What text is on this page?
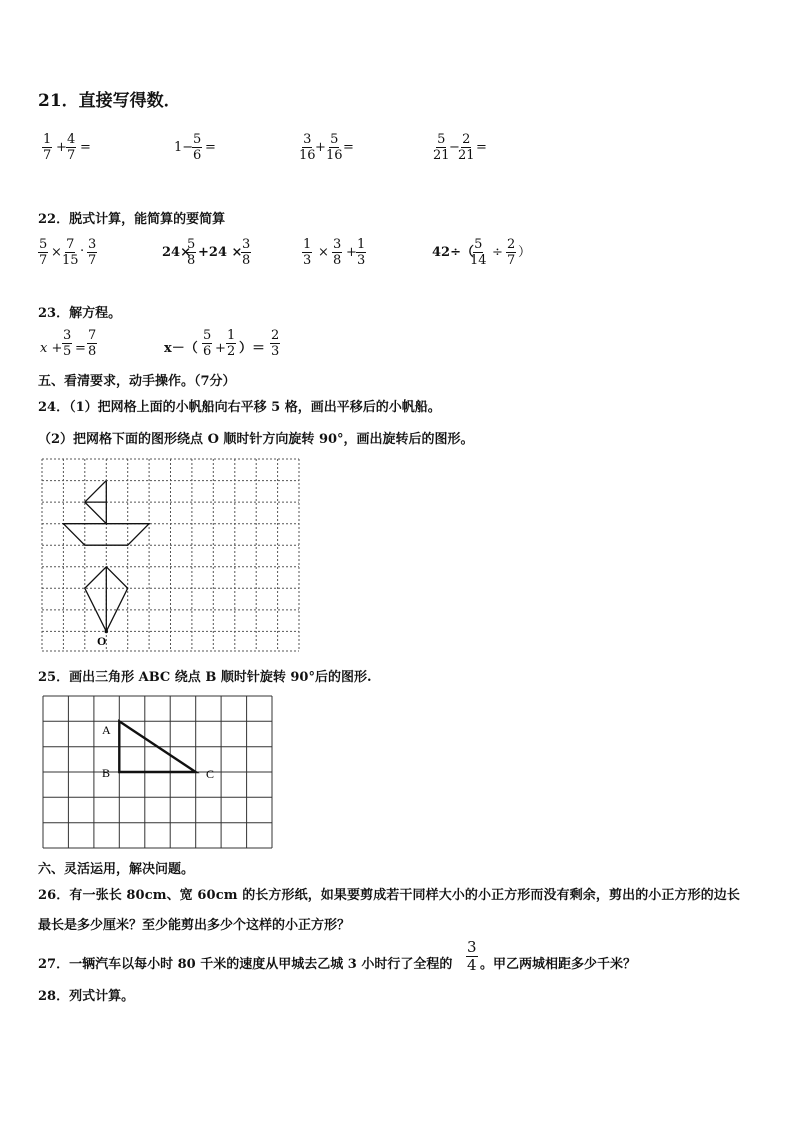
21．直接写得数．
$\frac{1}{7} + \frac{4}{7}$ =	1−
$\frac{5}{6}$ =	$\frac{3}{16}$
+ $\frac{5}{16}$ =	$\frac{5}{21}$
−
$\frac{2}{21}$ =
22．脱式计算，能简算的要简算
$\frac{5}{7} \times \frac{7}{15}$ . $\frac{3}{7}$	24×
$\frac{5}{8} +24$ ×
$\frac{3}{8}$	$\frac{1}{3} \times \frac{3}{8} + \frac{1}{3}$	42÷（
$\frac{5}{14} \div \frac{2}{7}$ ）
23．解方程。
$x + \frac{3}{5} = \frac{7}{8}$	$x-( \frac{5}{6} + \frac{1}{2}$ ）＝ $\frac{2}{3}$
五、看清要求，动手操作。（7分）
24．（1）把网格上面的小帆船向右平移 5 格，画出平移后的小帆船。
（2）把网格下面的图形绕点 O 顺时针方向旋转 90°，画出旋转后的图形。
O
25．画出三角形 ABC 绕点 B 顺时针旋转 90°后的图形.
A
B	C
六、灵活运用，解决问题。
26．有一张长 80cm、宽 60cm 的长方形纸，如果要剪成若干同样大小的小正方形而没有剩余，剪出的小正方形的边长
最长是多少厘米？至少能剪出多少个这样的小正方形？
27．一辆汽车以每小时 80 千米的速度从甲城去乙城 3 小时行了全程的 $\frac{3}{4}$ 。甲乙两城相距多少千米？
28．列式计算。
